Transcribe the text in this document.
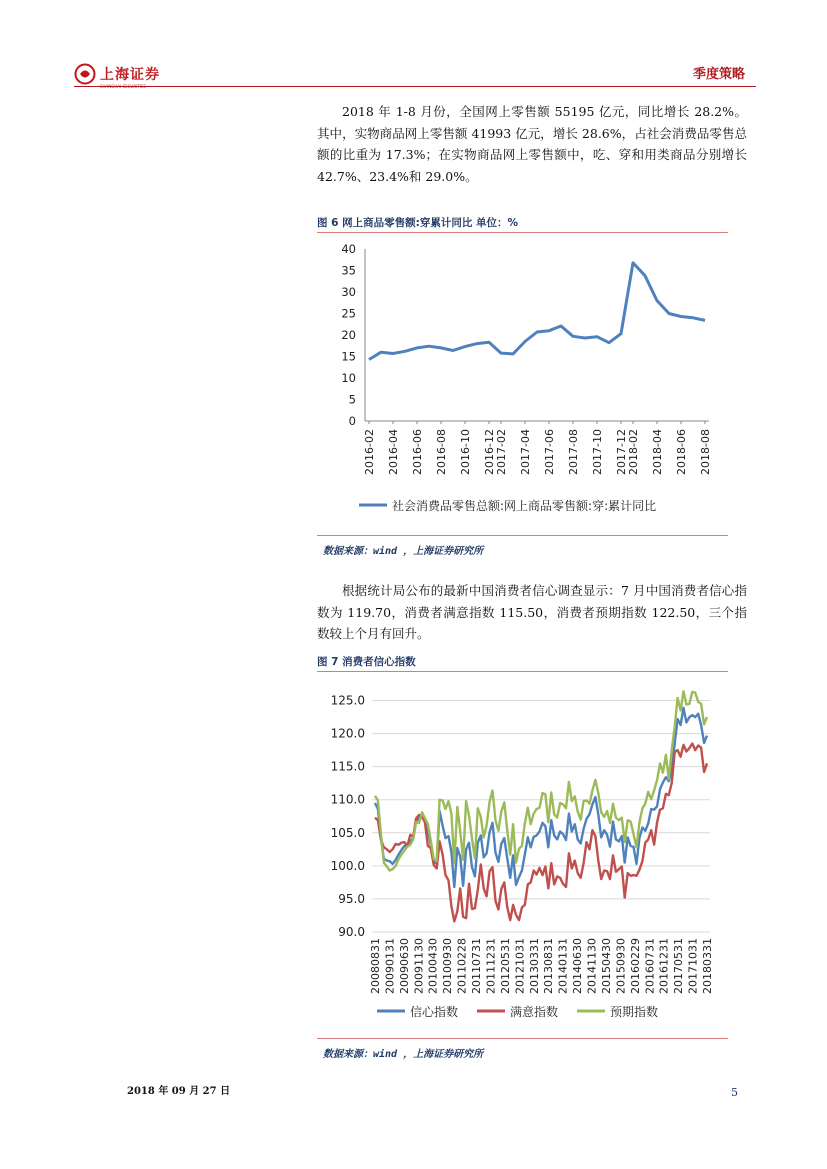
上海证券
SHANGHAI SECURITIES
季度策略

2018 年 1-8 月份，全国网上零售额 55195 亿元，同比增长 28.2%。其中，实物商品网上零售额 41993 亿元，增长 28.6%，占社会消费品零售总额的比重为 17.3%；在实物商品网上零售额中，吃、穿和用类商品分别增长 42.7%、23.4%和 29.0%。

图 6 网上商品零售额:穿累计同比 单位：%
0
5
10
15
20
25
30
35
40
2016-02 2016-04 2016-06 2016-08 2016-10 2016-12 2017-02 2017-04 2017-06 2017-08 2017-10 2017-12 2018-02 2018-04 2018-06 2018-08
社会消费品零售总额:网上商品零售额:穿:累计同比
数据来源：wind ，上海证券研究所

根据统计局公布的最新中国消费者信心调查显示：7 月中国消费者信心指数为 119.70，消费者满意指数 115.50，消费者预期指数 122.50，三个指数较上个月有回升。

图 7 消费者信心指数
90.0
95.0
100.0
105.0
110.0
115.0
120.0
125.0
20080831 20090131 20090630 20091130 20100430 20100930 20110228 20110731 20111231 20120531 20121031 20130331 20130831 20140131 20140630 20141130 20150430 20150930 20160229 20160731 20161231 20170531 20171031 20180331
信心指数	满意指数	预期指数
数据来源：wind ，上海证券研究所
2018 年 09 月 27 日	5
